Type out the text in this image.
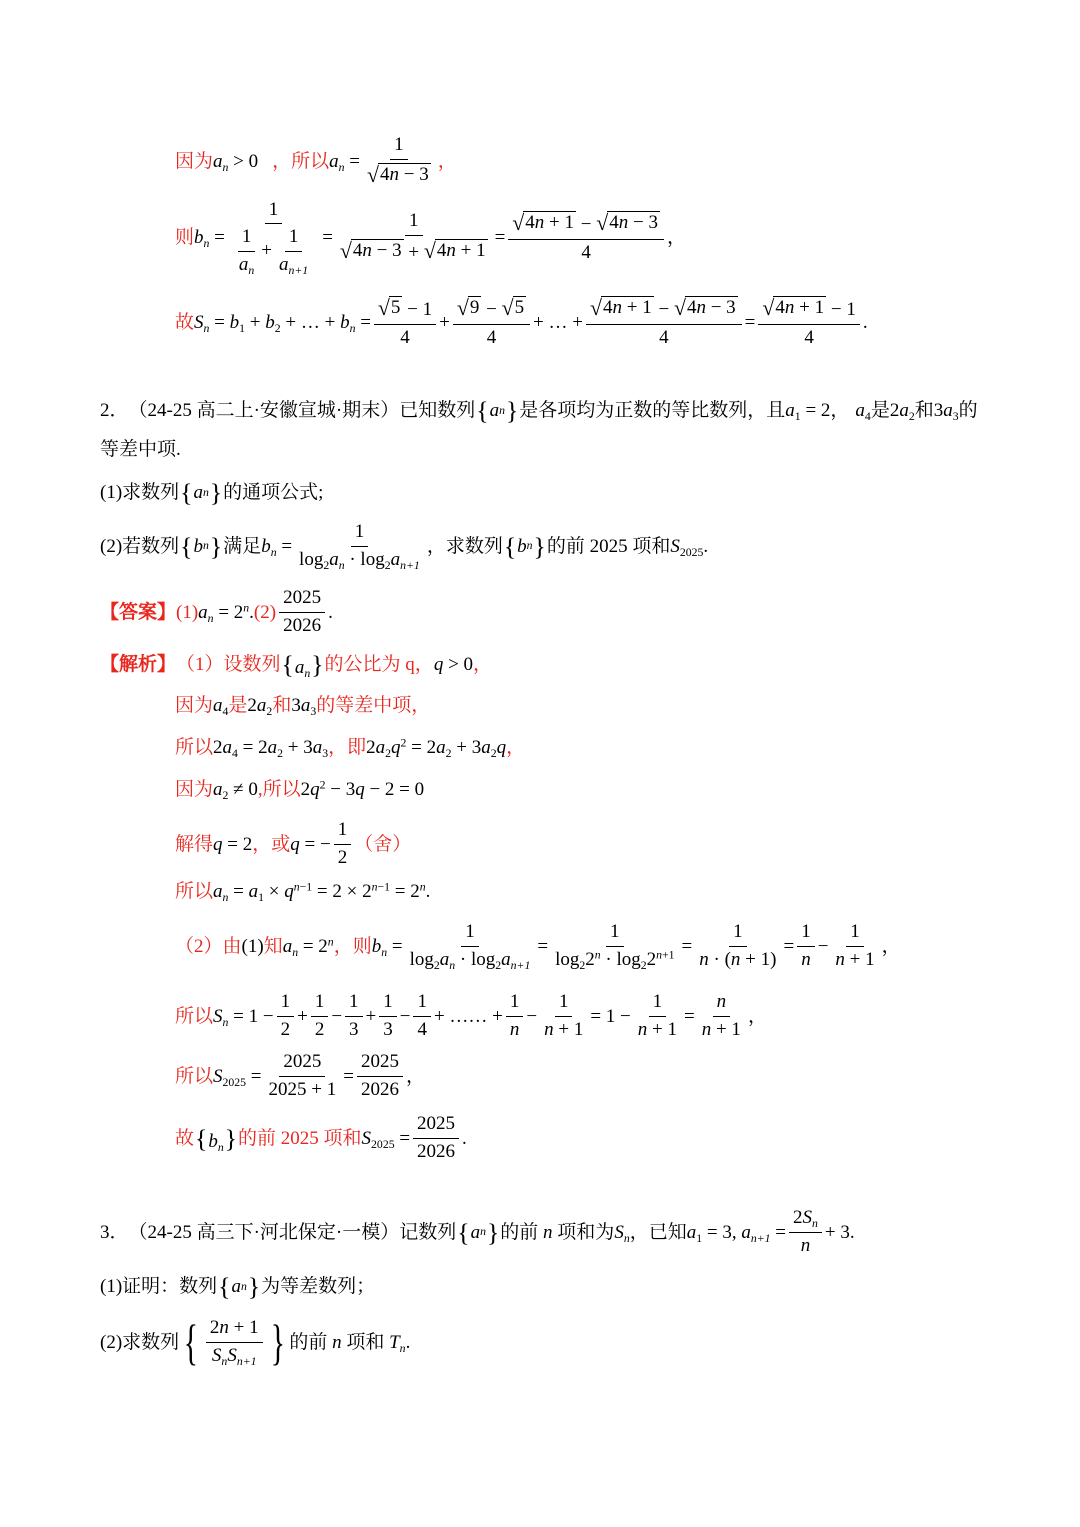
因为 $a_n > 0$ ，所以 $a_n = \frac{1}{√ 4n - 3}$ ，
则 $b_n = \frac{1}{\frac{1}{a_n} + \frac{1}{a_{n+1}}} = \frac{1}{√ 4n - 3 + √ 4n + 1} = \frac{√ 4n + 1 - √ 4n - 3}{4}$ ，
故 $S_n = b_1 + b_2$ + … + $b_n = \frac{√ 5 - 1}{4} + \frac{√ 9 - √ 5}{4}$ + … + $\frac{√ 4n + 1 - √ 4n - 3}{4} = \frac{√ 4n + 1 - 1}{4}$ .
2． （24-25 高二上·安徽宣城·期末） 已知数列 { a n } 是各项均为正数的等比数列，且 $a_1 = 2$ ， $a_4$ 是 $2a_2$ 和 $3a_3$ 的
等差中项.
(1)求数列 { a n } 的通项公式;
(2)若数列 { b n } 满足 $b_n = \frac{1}{\log_2a_n \cdot \log_2a_{n+1}}$ ，求数列 { b n } 的前 2025 项和 $S_{2025}$.
【答案】 (1) $a_n = 2^n$. $(2) \frac{2025}{2026}$ .
【解析】 （1）设数列 $\{a_n\}$ 的公比为 q， q > 0 ，
因为 $a_4$ 是 $2a_2$ 和 $3a_3$ 的等差中项，
所以 $2a_4 = 2a_2 + 3a_3$ ，即 $2a_2q^2 = 2a_2 + 3a_2q$ ，
因为 $a_2 \ne 0$ ,所以 $2q^2 - 3q - 2 = 0$
解得 q = 2 ，或 q = − $\frac{1}{2}$ （舍）
所以 $a_n = a_1 \times q^{n-1} = 2 \times 2^{n-1} = 2^n$.
（2）由 (1) 知 $a_n = 2^n$ ，则 $b_n = \frac{1}{\log_2a_n \cdot \log_2a_{n+1}} = \frac{1}{\log_22^n \cdot \log_22^{n+1}} = \frac{1}{n \cdot (n + 1)} = \frac{1}{n} - \frac{1}{n + 1}$ ，
所以 $S_n = 1 - \frac{1}{2} + \frac{1}{2} - \frac{1}{3} + \frac{1}{3} - \frac{1}{4}$ + …… + $\frac{1}{n} - \frac{1}{n + 1} = 1 - \frac{1}{n + 1} = \frac{n}{n + 1}$ ，
所以 $S_{2025} = \frac{2025}{2025 + 1} = \frac{2025}{2026}$ ，
故 $\{b_n\}$ 的前 2025 项和 $S_{2025} = \frac{2025}{2026}$ .
3． （24-25 高三下·河北保定·一模） 记数列 { a n } 的前 n 项和为 $S_n$ ，已知 $a_1 = 3$, $a_{n+1} = \frac{2S_n}{n} + 3$.
(1)证明：数列 { a n } 为等差数列；
(2)求数列 { $\frac{2n + 1}{S_nS_{n+1}}$ } 的前 n 项和 $T_n$.
